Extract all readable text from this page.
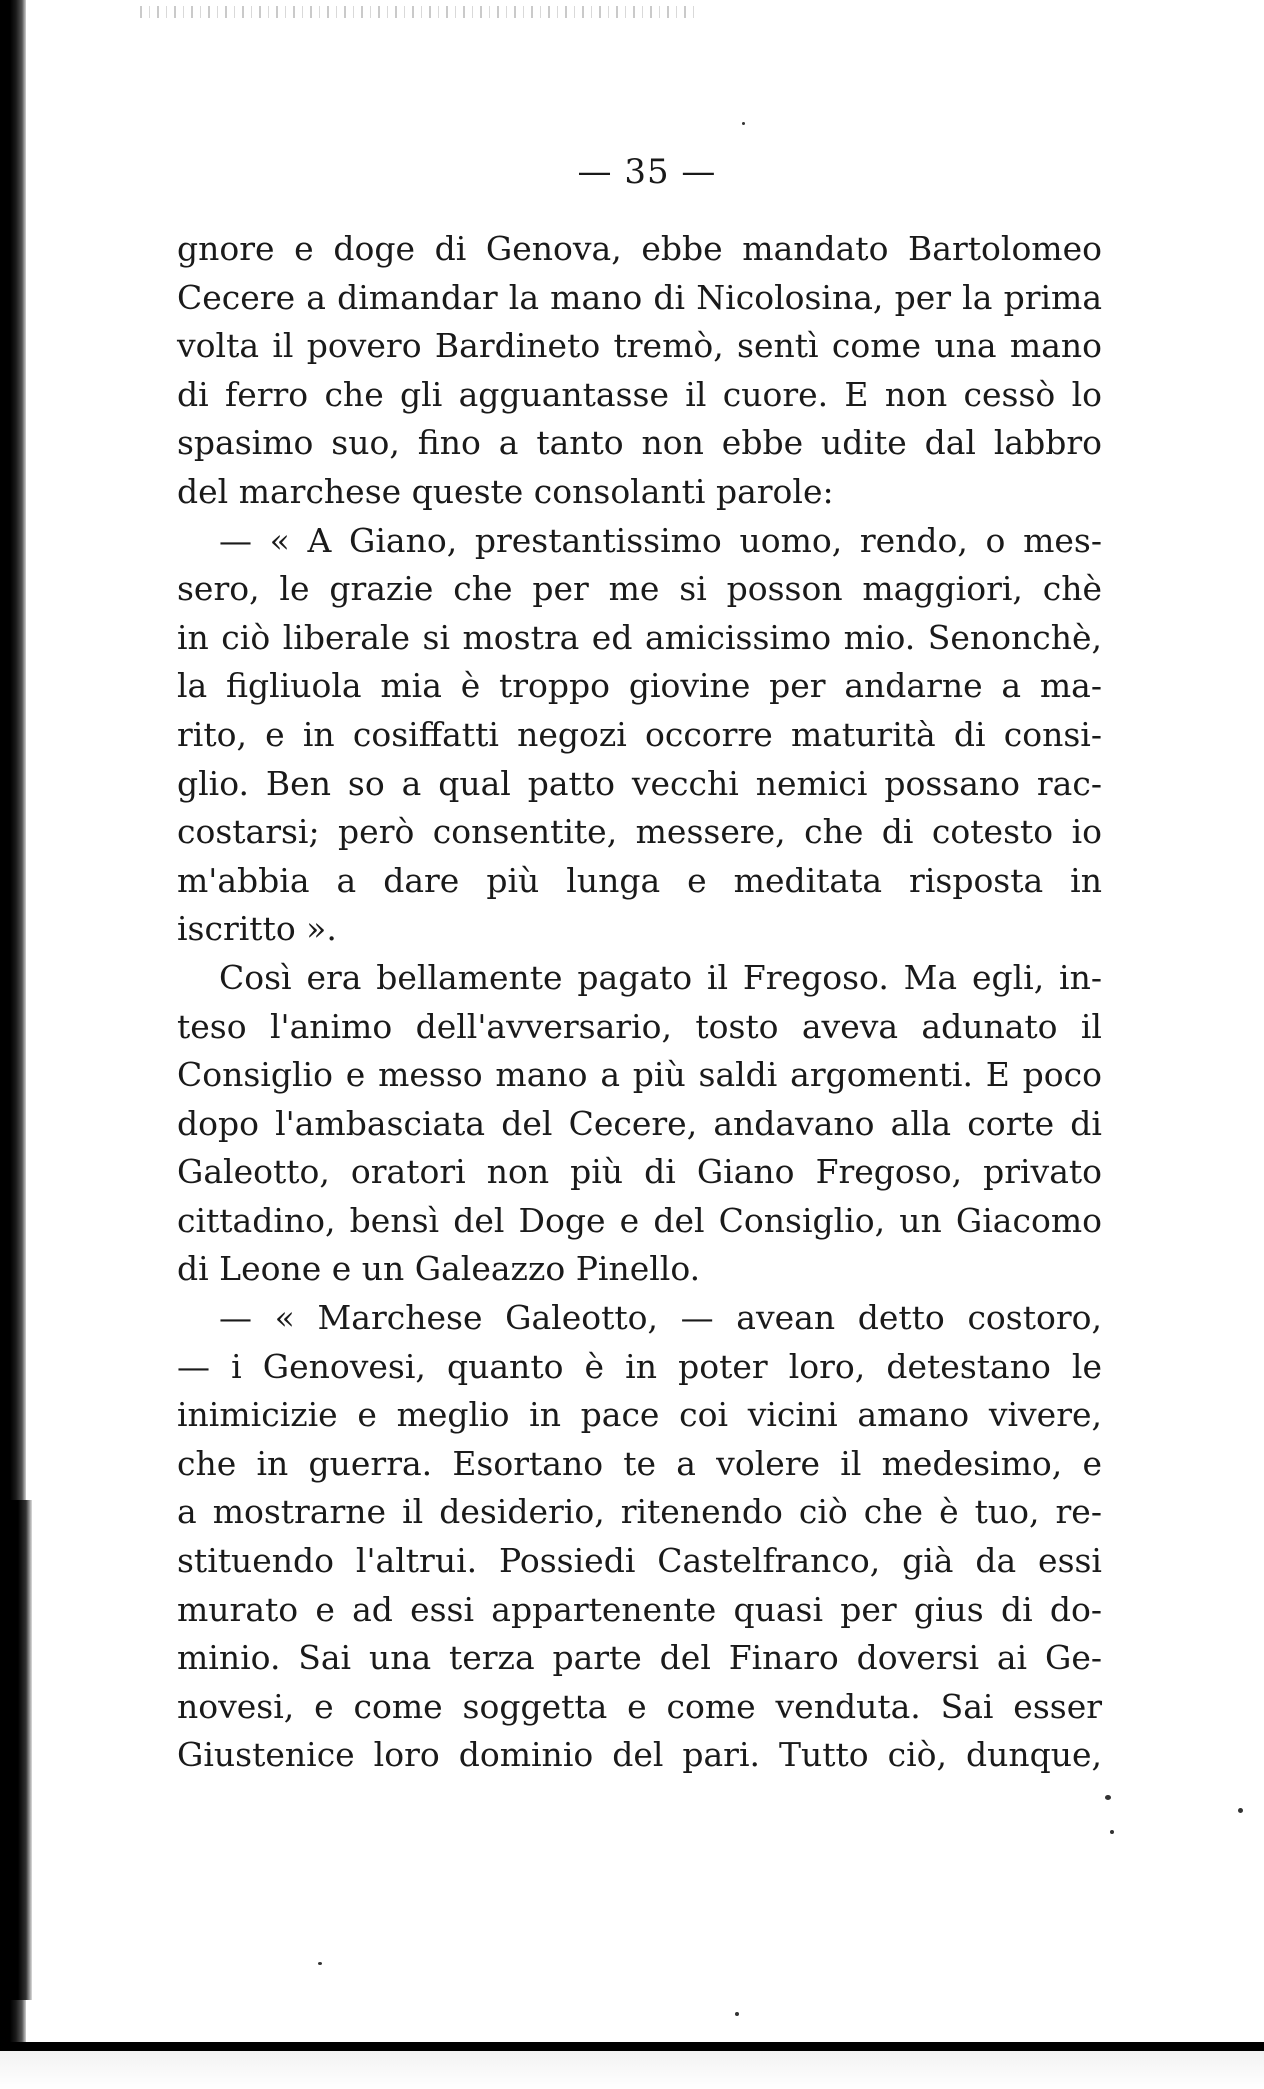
— 35 —
gnore e doge di Genova, ebbe mandato Bartolomeo
Cecere a dimandar la mano di Nicolosina, per la prima
volta il povero Bardineto tremò, sentì come una mano
di ferro che gli agguantasse il cuore. E non cessò lo
spasimo suo, fino a tanto non ebbe udite dal labbro
del marchese queste consolanti parole:
— « A Giano, prestantissimo uomo, rendo, o mes-
sero, le grazie che per me si posson maggiori, chè
in ciò liberale si mostra ed amicissimo mio. Senonchè,
la figliuola mia è troppo giovine per andarne a ma-
rito, e in cosiffatti negozi occorre maturità di consi-
glio. Ben so a qual patto vecchi nemici possano rac-
costarsi; però consentite, messere, che di cotesto io
m'abbia a dare più lunga e meditata risposta in
iscritto ».
Così era bellamente pagato il Fregoso. Ma egli, in-
teso l'animo dell'avversario, tosto aveva adunato il
Consiglio e messo mano a più saldi argomenti. E poco
dopo l'ambasciata del Cecere, andavano alla corte di
Galeotto, oratori non più di Giano Fregoso, privato
cittadino, bensì del Doge e del Consiglio, un Giacomo
di Leone e un Galeazzo Pinello.
— « Marchese Galeotto, — avean detto costoro,
— i Genovesi, quanto è in poter loro, detestano le
inimicizie e meglio in pace coi vicini amano vivere,
che in guerra. Esortano te a volere il medesimo, e
a mostrarne il desiderio, ritenendo ciò che è tuo, re-
stituendo l'altrui. Possiedi Castelfranco, già da essi
murato e ad essi appartenente quasi per gius di do-
minio. Sai una terza parte del Finaro doversi ai Ge-
novesi, e come soggetta e come venduta. Sai esser
Giustenice loro dominio del pari. Tutto ciò, dunque,
